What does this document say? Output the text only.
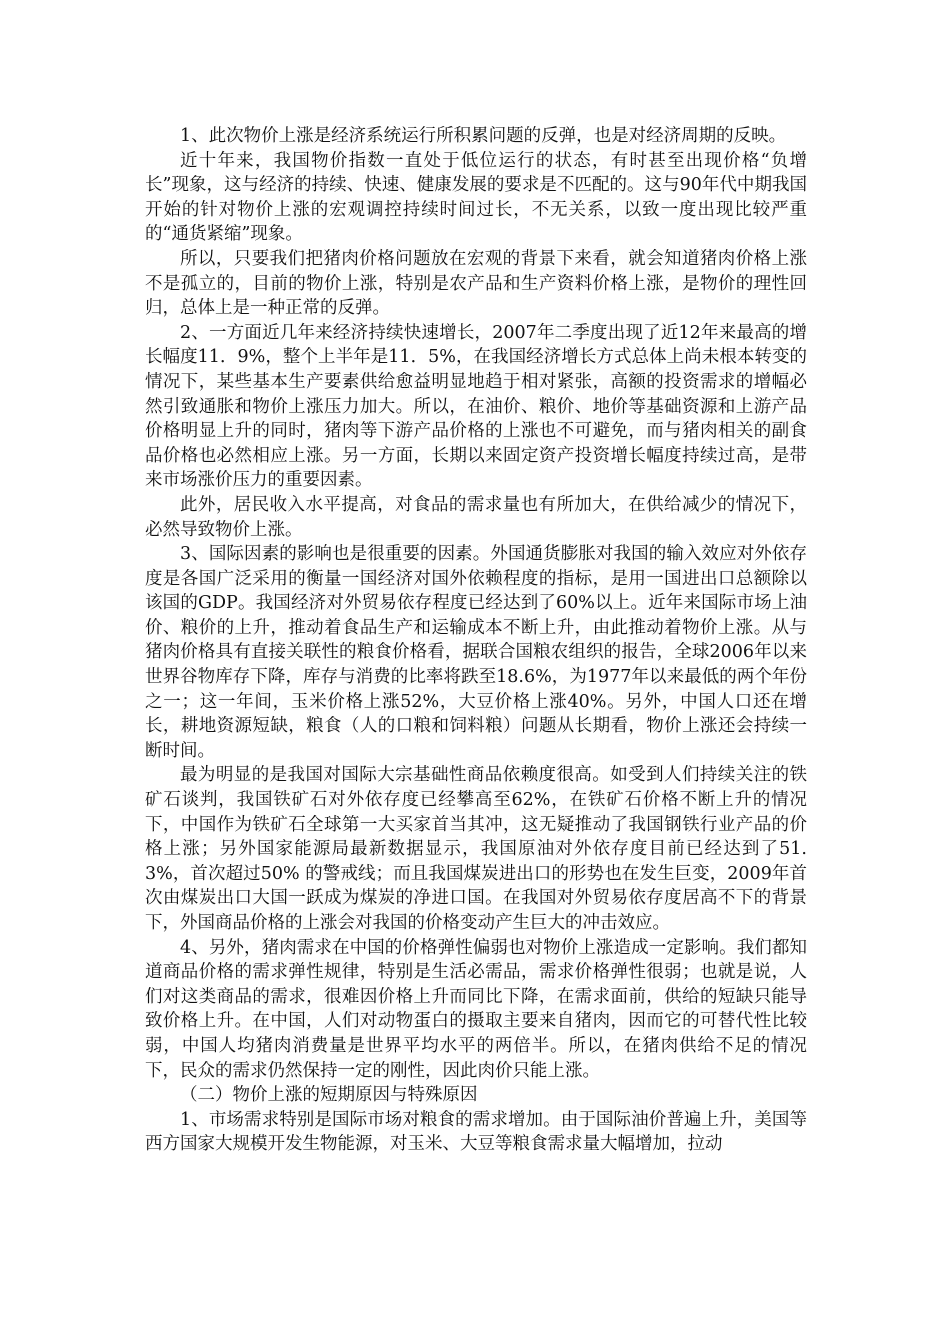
1、此次物价上涨是经济系统运行所积累问题的反弹，也是对经济周期的反映。

近十年来，我国物价指数一直处于低位运行的状态，有时甚至出现价格“负增长”现象，这与经济的持续、快速、健康发展的要求是不匹配的。这与90年代中期我国开始的针对物价上涨的宏观调控持续时间过长，不无关系，以致一度出现比较严重的“通货紧缩”现象。

所以，只要我们把猪肉价格问题放在宏观的背景下来看，就会知道猪肉价格上涨不是孤立的，目前的物价上涨，特别是农产品和生产资料价格上涨，是物价的理性回归，总体上是一种正常的反弹。

2、一方面近几年来经济持续快速增长，2007年二季度出现了近12年来最高的增长幅度11．9%，整个上半年是11．5%，在我国经济增长方式总体上尚未根本转变的情况下，某些基本生产要素供给愈益明显地趋于相对紧张，高额的投资需求的增幅必然引致通胀和物价上涨压力加大。所以，在油价、粮价、地价等基础资源和上游产品价格明显上升的同时，猪肉等下游产品价格的上涨也不可避免，而与猪肉相关的副食品价格也必然相应上涨。另一方面，长期以来固定资产投资增长幅度持续过高，是带来市场涨价压力的重要因素。

此外，居民收入水平提高，对食品的需求量也有所加大，在供给减少的情况下，必然导致物价上涨。

3、国际因素的影响也是很重要的因素。外国通货膨胀对我国的输入效应对外依存度是各国广泛采用的衡量一国经济对国外依赖程度的指标，是用一国进出口总额除以该国的GDP。我国经济对外贸易依存程度已经达到了60%以上。近年来国际市场上油价、粮价的上升，推动着食品生产和运输成本不断上升，由此推动着物价上涨。从与猪肉价格具有直接关联性的粮食价格看，据联合国粮农组织的报告，全球2006年以来世界谷物库存下降，库存与消费的比率将跌至18.6%，为1977年以来最低的两个年份之一；这一年间，玉米价格上涨52%，大豆价格上涨40%。另外，中国人口还在增长，耕地资源短缺，粮食（人的口粮和饲料粮）问题从长期看，物价上涨还会持续一断时间。

最为明显的是我国对国际大宗基础性商品依赖度很高。如受到人们持续关注的铁矿石谈判，我国铁矿石对外依存度已经攀高至62%，在铁矿石价格不断上升的情况下，中国作为铁矿石全球第一大买家首当其冲，这无疑推动了我国钢铁行业产品的价格上涨；另外国家能源局最新数据显示，我国原油对外依存度目前已经达到了51.3%，首次超过50% 的警戒线；而且我国煤炭进出口的形势也在发生巨变，2009年首次由煤炭出口大国一跃成为煤炭的净进口国。在我国对外贸易依存度居高不下的背景下，外国商品价格的上涨会对我国的价格变动产生巨大的冲击效应。

4、另外，猪肉需求在中国的价格弹性偏弱也对物价上涨造成一定影响。我们都知道商品价格的需求弹性规律，特别是生活必需品，需求价格弹性很弱；也就是说，人们对这类商品的需求，很难因价格上升而同比下降，在需求面前，供给的短缺只能导致价格上升。在中国，人们对动物蛋白的摄取主要来自猪肉，因而它的可替代性比较弱，中国人均猪肉消费量是世界平均水平的两倍半。所以，在猪肉供给不足的情况下，民众的需求仍然保持一定的刚性，因此肉价只能上涨。

（二）物价上涨的短期原因与特殊原因

1、市场需求特别是国际市场对粮食的需求增加。由于国际油价普遍上升，美国等西方国家大规模开发生物能源，对玉米、大豆等粮食需求量大幅增加，拉动
